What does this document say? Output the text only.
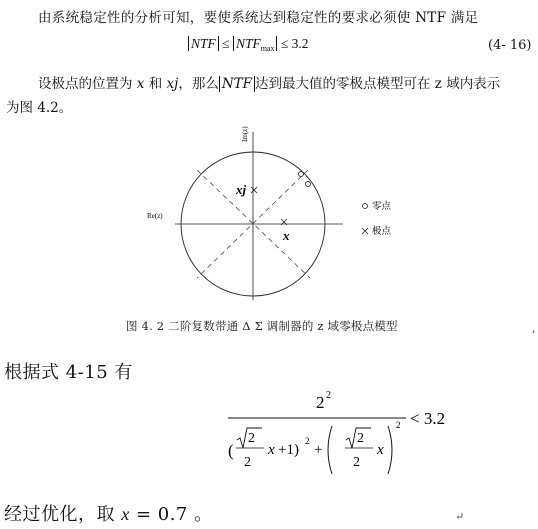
由系统稳定性的分析可知，要使系统达到稳定性的要求必须使 NTF 满足
NTF ≤ $NTF_{max} \le 3.2$	(4- 16)
设极点的位置为 x 和 xj，那么 NTF 达到最大值的零极点模型可在 z 域内表示
为图 4.2。
Im(z)
Re(z)
xj
x
零点
极点
图 4. 2 二阶复数带通 Δ Σ 调制器的 z 域零极点模型	,
根据式 4-15 有
2 2
< 3.2
(
2
2
x +1)
2
+
2
2
x
2
经过优化，取 x = 0.7 。	↵
